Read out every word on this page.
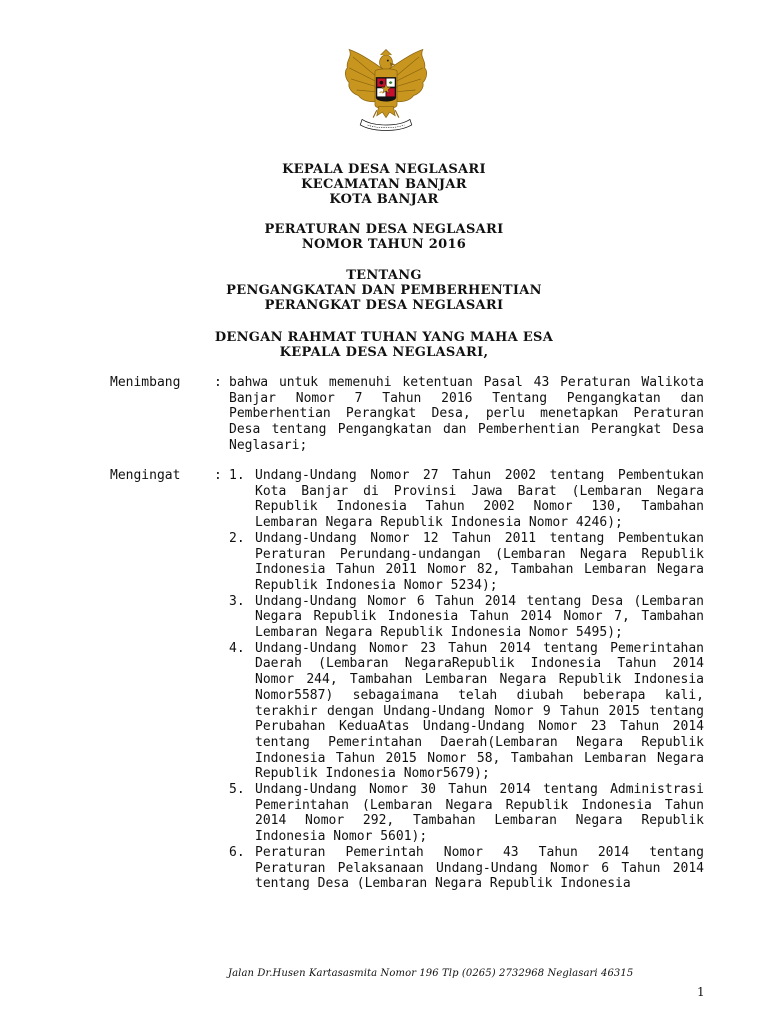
KEPALA DESA NEGLASARI
KECAMATAN BANJAR
KOTA BANJAR
PERATURAN DESA NEGLASARI
NOMOR TAHUN 2016
TENTANG
PENGANGKATAN DAN PEMBERHENTIAN
PERANGKAT DESA NEGLASARI
DENGAN RAHMAT TUHAN YANG MAHA ESA
KEPALA DESA NEGLASARI,
Menimbang	: bahwa untuk memenuhi ketentuan Pasal 43 Peraturan Walikota Banjar Nomor 7 Tahun 2016 Tentang Pengangkatan dan Pemberhentian Perangkat Desa, perlu menetapkan Peraturan Desa tentang Pengangkatan dan Pemberhentian Perangkat Desa Neglasari;
Mengingat	: 1. Undang-Undang Nomor 27 Tahun 2002 tentang Pembentukan Kota Banjar di Provinsi Jawa Barat (Lembaran Negara Republik Indonesia Tahun 2002 Nomor 130, Tambahan Lembaran Negara Republik Indonesia Nomor 4246);
2. Undang-Undang Nomor 12 Tahun 2011 tentang Pembentukan Peraturan Perundang-undangan (Lembaran Negara Republik Indonesia Tahun 2011 Nomor 82, Tambahan Lembaran Negara Republik Indonesia Nomor 5234);
3. Undang-Undang Nomor 6 Tahun 2014 tentang Desa (Lembaran Negara Republik Indonesia Tahun 2014 Nomor 7, Tambahan Lembaran Negara Republik Indonesia Nomor 5495);
4. Undang-Undang Nomor 23 Tahun 2014 tentang Pemerintahan Daerah (Lembaran NegaraRepublik Indonesia Tahun 2014 Nomor 244, Tambahan Lembaran Negara Republik Indonesia Nomor5587) sebagaimana telah diubah beberapa kali, terakhir dengan Undang-Undang Nomor 9 Tahun 2015 tentang Perubahan KeduaAtas Undang-Undang Nomor 23 Tahun 2014 tentang Pemerintahan Daerah(Lembaran Negara Republik Indonesia Tahun 2015 Nomor 58, Tambahan Lembaran Negara Republik Indonesia Nomor5679);
5. Undang-Undang Nomor 30 Tahun 2014 tentang Administrasi Pemerintahan (Lembaran Negara Republik Indonesia Tahun 2014 Nomor 292, Tambahan Lembaran Negara Republik Indonesia Nomor 5601);
6. Peraturan Pemerintah Nomor 43 Tahun 2014 tentang Peraturan Pelaksanaan Undang-Undang Nomor 6 Tahun 2014 tentang Desa (Lembaran Negara Republik Indonesia
Jalan Dr.Husen Kartasasmita Nomor 196 Tlp (0265) 2732968 Neglasari 46315
1
